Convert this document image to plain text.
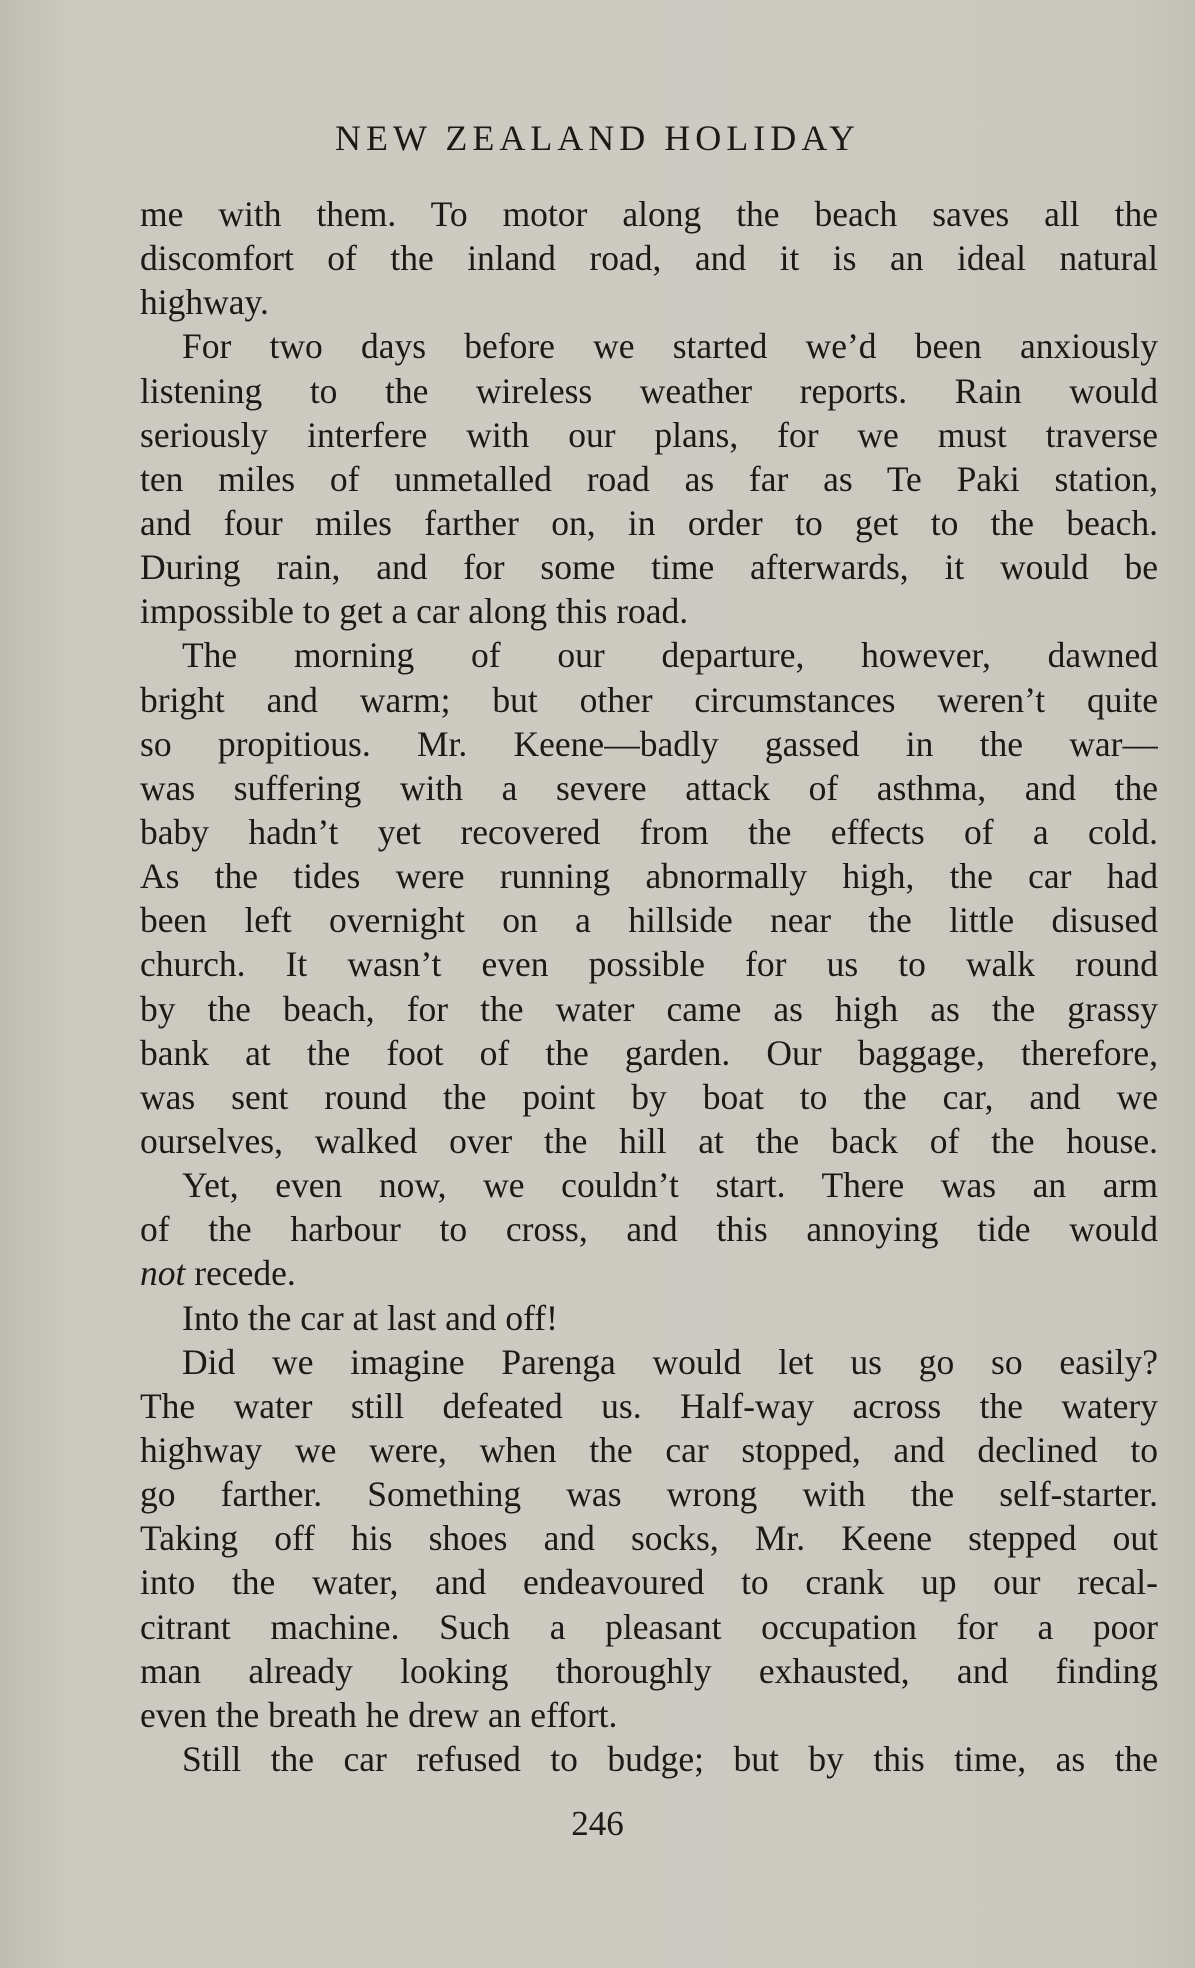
NEW ZEALAND HOLIDAY
me with them. To motor along the beach saves all the
discomfort of the inland road, and it is an ideal natural
highway.
For two days before we started we’d been anxiously
listening to the wireless weather reports. Rain would
seriously interfere with our plans, for we must traverse
ten miles of unmetalled road as far as Te Paki station,
and four miles farther on, in order to get to the beach.
During rain, and for some time afterwards, it would be
impossible to get a car along this road.
The morning of our departure, however, dawned
bright and warm; but other circumstances weren’t quite
so propitious. Mr. Keene—badly gassed in the war—
was suffering with a severe attack of asthma, and the
baby hadn’t yet recovered from the effects of a cold.
As the tides were running abnormally high, the car had
been left overnight on a hillside near the little disused
church. It wasn’t even possible for us to walk round
by the beach, for the water came as high as the grassy
bank at the foot of the garden. Our baggage, therefore,
was sent round the point by boat to the car, and we
ourselves, walked over the hill at the back of the house.
Yet, even now, we couldn’t start. There was an arm
of the harbour to cross, and this annoying tide would
not recede.
Into the car at last and off!
Did we imagine Parenga would let us go so easily?
The water still defeated us. Half-way across the watery
highway we were, when the car stopped, and declined to
go farther. Something was wrong with the self-starter.
Taking off his shoes and socks, Mr. Keene stepped out
into the water, and endeavoured to crank up our recal-
citrant machine. Such a pleasant occupation for a poor
man already looking thoroughly exhausted, and finding
even the breath he drew an effort.
Still the car refused to budge; but by this time, as the
246
